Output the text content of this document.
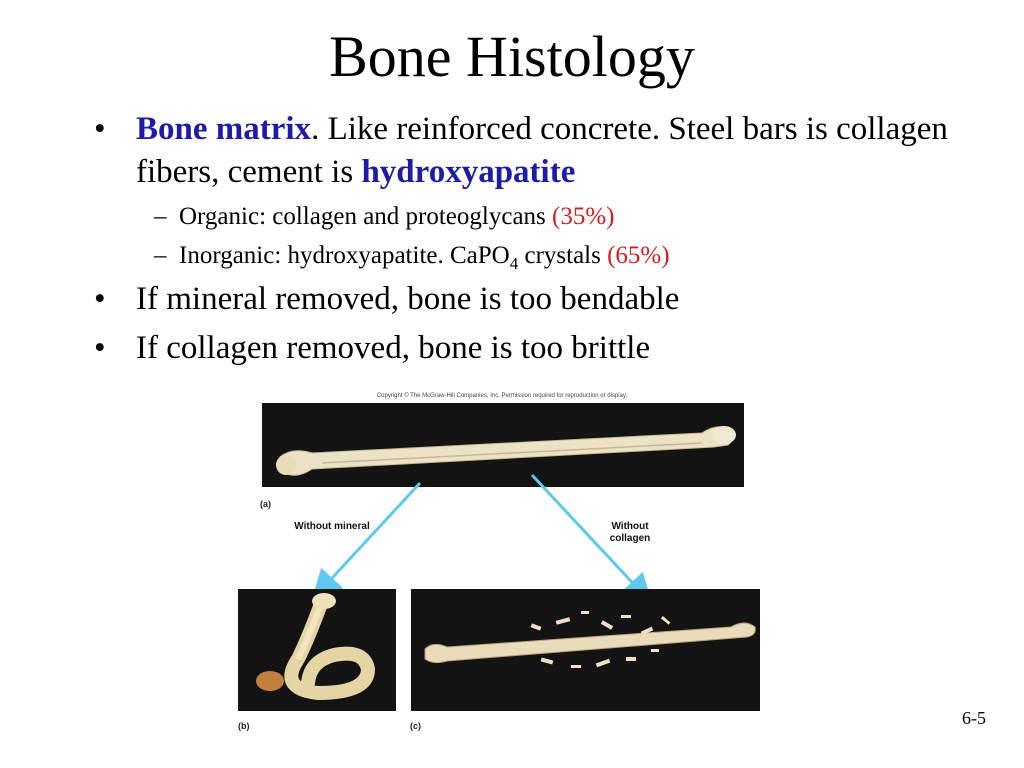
Bone Histology
• Bone matrix. Like reinforced concrete. Steel bars is collagen fibers, cement is hydroxyapatite
– Organic: collagen and proteoglycans (35%)
– Inorganic: hydroxyapatite. CaPO$_4$ crystals (65%)
• If mineral removed, bone is too bendable
• If collagen removed, bone is too brittle
Copyright © The McGraw-Hill Companies, Inc. Permission required for reproduction or display.
(a)
Without mineral	Without collagen
(b)	(c)	6-5
